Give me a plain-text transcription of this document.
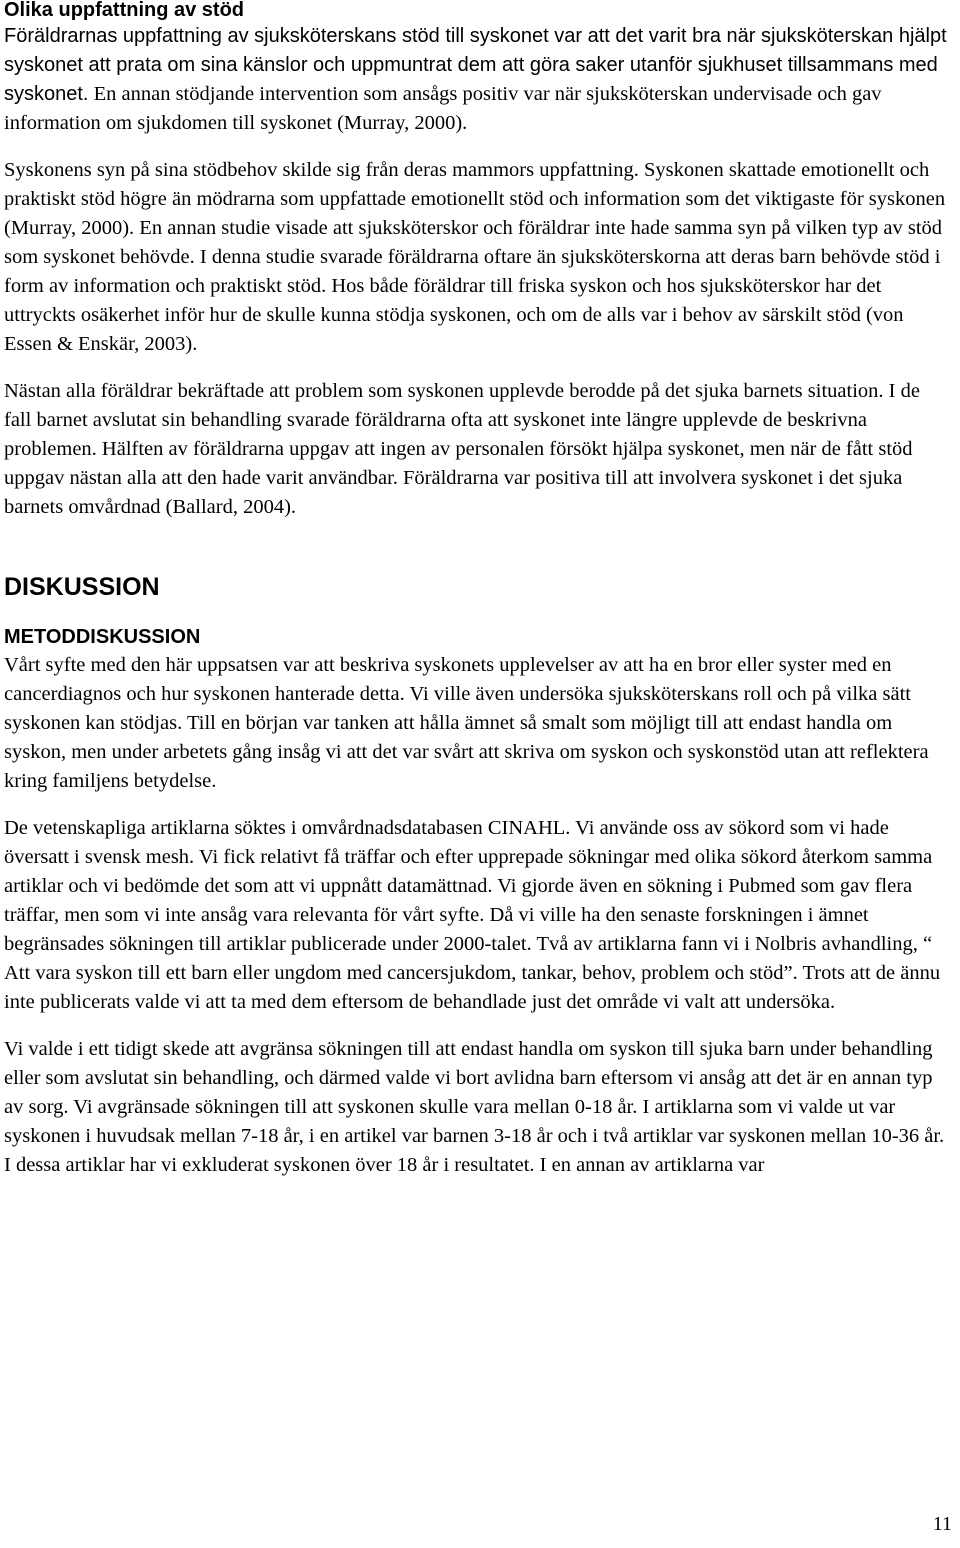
Olika uppfattning av stöd

Föräldrarnas uppfattning av sjuksköterskans stöd till syskonet var att det varit bra när sjuksköterskan hjälpt syskonet att prata om sina känslor och uppmuntrat dem att göra saker utanför sjukhuset tillsammans med syskonet. En annan stödjande intervention som ansågs positiv var när sjuksköterskan undervisade och gav information om sjukdomen till syskonet (Murray, 2000).

Syskonens syn på sina stödbehov skilde sig från deras mammors uppfattning. Syskonen skattade emotionellt och praktiskt stöd högre än mödrarna som uppfattade emotionellt stöd och information som det viktigaste för syskonen (Murray, 2000). En annan studie visade att sjuksköterskor och föräldrar inte hade samma syn på vilken typ av stöd som syskonet behövde. I denna studie svarade föräldrarna oftare än sjuksköterskorna att deras barn behövde stöd i form av information och praktiskt stöd. Hos både föräldrar till friska syskon och hos sjuksköterskor har det uttryckts osäkerhet inför hur de skulle kunna stödja syskonen, och om de alls var i behov av särskilt stöd (von Essen & Enskär, 2003).

Nästan alla föräldrar bekräftade att problem som syskonen upplevde berodde på det sjuka barnets situation. I de fall barnet avslutat sin behandling svarade föräldrarna ofta att syskonet inte längre upplevde de beskrivna problemen. Hälften av föräldrarna uppgav att ingen av personalen försökt hjälpa syskonet, men när de fått stöd uppgav nästan alla att den hade varit användbar. Föräldrarna var positiva till att involvera syskonet i det sjuka barnets omvårdnad (Ballard, 2004).

DISKUSSION
METODDISKUSSION

Vårt syfte med den här uppsatsen var att beskriva syskonets upplevelser av att ha en bror eller syster med en cancerdiagnos och hur syskonen hanterade detta. Vi ville även undersöka sjuksköterskans roll och på vilka sätt syskonen kan stödjas. Till en början var tanken att hålla ämnet så smalt som möjligt till att endast handla om syskon, men under arbetets gång insåg vi att det var svårt att skriva om syskon och syskonstöd utan att reflektera kring familjens betydelse.

De vetenskapliga artiklarna söktes i omvårdnadsdatabasen CINAHL. Vi använde oss av sökord som vi hade översatt i svensk mesh. Vi fick relativt få träffar och efter upprepade sökningar med olika sökord återkom samma artiklar och vi bedömde det som att vi uppnått datamättnad. Vi gjorde även en sökning i Pubmed som gav flera träffar, men som vi inte ansåg vara relevanta för vårt syfte. Då vi ville ha den senaste forskningen i ämnet begränsades sökningen till artiklar publicerade under 2000-talet. Två av artiklarna fann vi i Nolbris avhandling, “ Att vara syskon till ett barn eller ungdom med cancersjukdom, tankar, behov, problem och stöd”. Trots att de ännu inte publicerats valde vi att ta med dem eftersom de behandlade just det område vi valt att undersöka.

Vi valde i ett tidigt skede att avgränsa sökningen till att endast handla om syskon till sjuka barn under behandling eller som avslutat sin behandling, och därmed valde vi bort avlidna barn eftersom vi ansåg att det är en annan typ av sorg. Vi avgränsade sökningen till att syskonen skulle vara mellan 0-18 år. I artiklarna som vi valde ut var syskonen i huvudsak mellan 7-18 år, i en artikel var barnen 3-18 år och i två artiklar var syskonen mellan 10-36 år. I dessa artiklar har vi exkluderat syskonen över 18 år i resultatet. I en annan av artiklarna var

11
